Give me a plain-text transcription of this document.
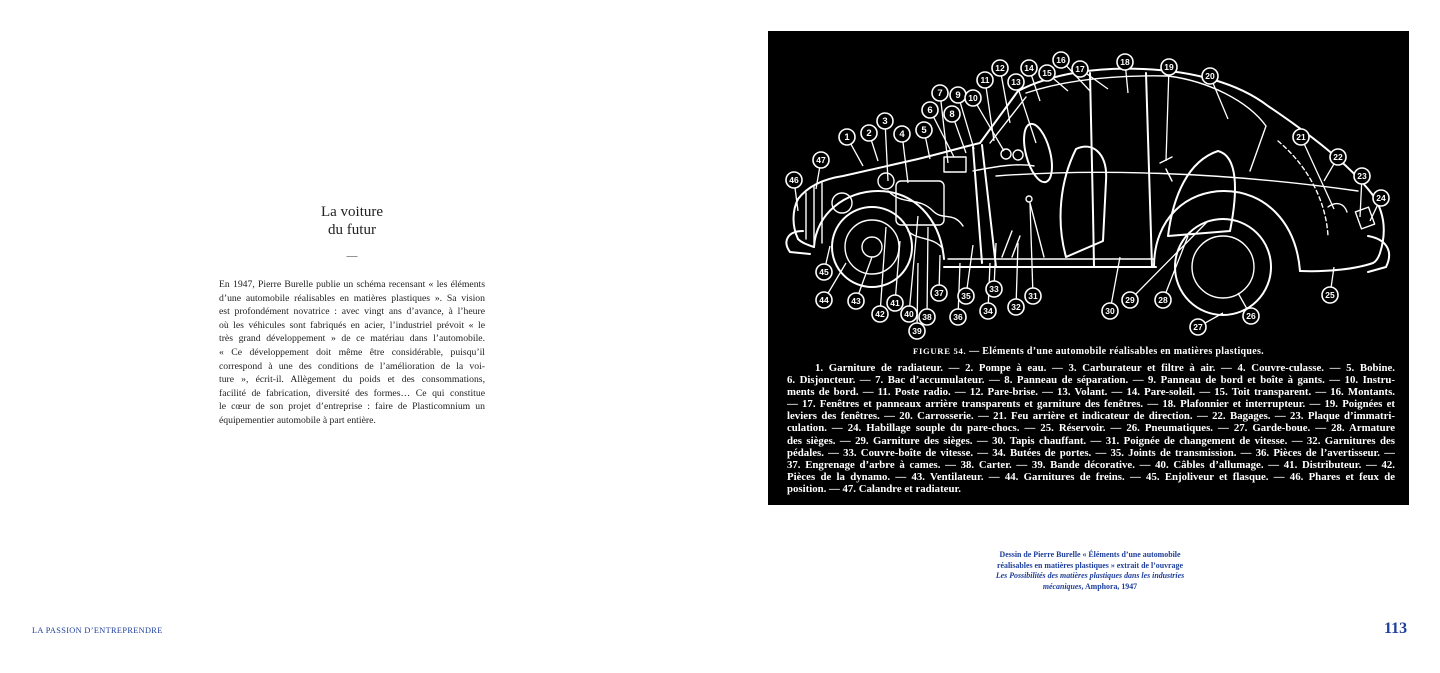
La voiture
du futur
—
En 1947, Pierre Burelle publie un schéma recensant « les éléments
d’une automobile réalisables en matières plastiques ». Sa vision
est profondément novatrice : avec vingt ans d’avance, à l’heure
où les véhicules sont fabriqués en acier, l’industriel prévoit « le
très grand développement » de ce matériau dans l’automobile.
« Ce développement doit même être considérable, puisqu’il
correspond à une des conditions de l’amélioration de la voi-
ture », écrit-il. Allègement du poids et des consommations,
facilité de fabrication, diversité des formes… Ce qui constitue
le cœur de son projet d’entreprise : faire de Plasticomnium un
équipementier automobile à part entière.
LA PASSION D’ENTREPRENDRE
1 2
3
4 5
6
7
8
9 10
11
12
13
14 15
16
17
18
19
20
21
22
23
24
25
26
27
28
29
30
31
32
33
34
35
36
37
38
39
40
41
42
43
44
45
46
47
FIGURE 54. — Eléments d’une automobile réalisables en matières plastiques.
1. Garniture de radiateur. — 2. Pompe à eau. — 3. Carburateur et filtre à air. — 4. Couvre-culasse. — 5. Bobine.
6. Disjoncteur. — 7. Bac d’accumulateur. — 8. Panneau de séparation. — 9. Panneau de bord et boîte à gants. — 10. Instru-
ments de bord. — 11. Poste radio. — 12. Pare-brise. — 13. Volant. — 14. Pare-soleil. — 15. Toit transparent. — 16. Montants.
— 17. Fenêtres et panneaux arrière transparents et garniture des fenêtres. — 18. Plafonnier et interrupteur. — 19. Poignées et
leviers des fenêtres. — 20. Carrosserie. — 21. Feu arrière et indicateur de direction. — 22. Bagages. — 23. Plaque d’immatri-
culation. — 24. Habillage souple du pare-chocs. — 25. Réservoir. — 26. Pneumatiques. — 27. Garde-boue. — 28. Armature
des sièges. — 29. Garniture des sièges. — 30. Tapis chauffant. — 31. Poignée de changement de vitesse. — 32. Garnitures des
pédales. — 33. Couvre-boîte de vitesse. — 34. Butées de portes. — 35. Joints de transmission. — 36. Pièces de l’avertisseur. —
37. Engrenage d’arbre à cames. — 38. Carter. — 39. Bande décorative. — 40. Câbles d’allumage. — 41. Distributeur. — 42.
Pièces de la dynamo. — 43. Ventilateur. — 44. Garnitures de freins. — 45. Enjoliveur et flasque. — 46. Phares et feux de
position. — 47. Calandre et radiateur.
Dessin de Pierre Burelle « Éléments d’une automobile
réalisables en matières plastiques » extrait de l’ouvrage
Les Possibilités des matières plastiques dans les industries
mécaniques, Amphora, 1947
113
